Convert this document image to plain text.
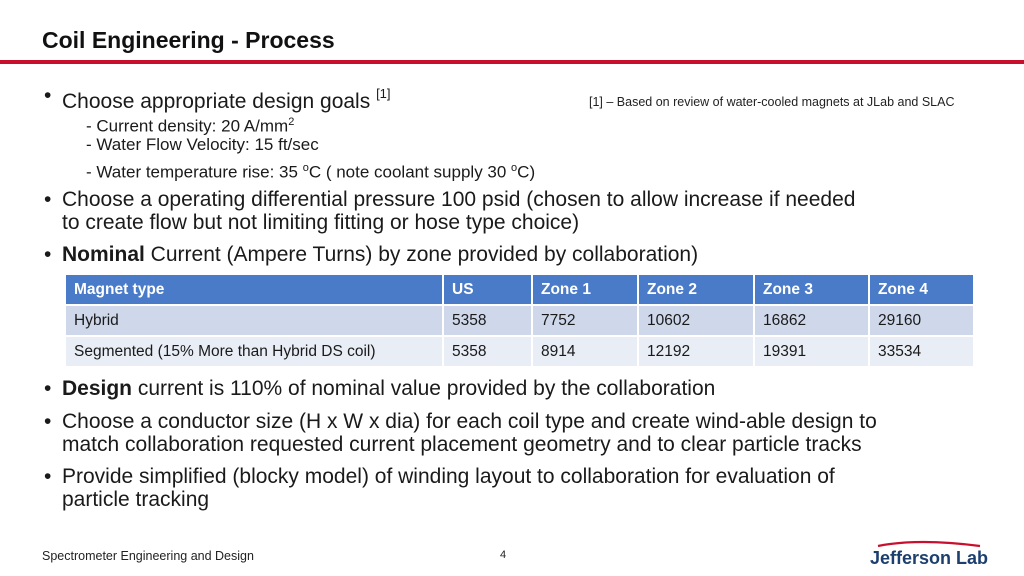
Coil Engineering - Process
[1] – Based on review of water-cooled magnets at JLab and SLAC
• Choose appropriate design goals [1]
- Current density: 20 $A/mm^2$
- Water Flow Velocity: 15 ft/sec
- Water temperature rise: 35 $^o$C ( note coolant supply 30 $^o$C)
• Choose a operating differential pressure 100 psid (chosen to allow increase if needed
to create flow but not limiting fitting or hose type choice)
• Nominal Current (Ampere Turns) by zone provided by collaboration)
Magnet type	US	Zone 1	Zone 2	Zone 3	Zone 4
Hybrid	5358	7752	10602	16862	29160
Segmented (15% More than Hybrid DS coil)	5358	8914	12192	19391	33534
• Design current is 110% of nominal value provided by the collaboration
• Choose a conductor size (H x W x dia) for each coil type and create wind-able design to
match collaboration requested current placement geometry and to clear particle tracks
• Provide simplified (blocky model) of winding layout to collaboration for evaluation of
particle tracking
Spectrometer Engineering and Design	4	Jefferson Lab
